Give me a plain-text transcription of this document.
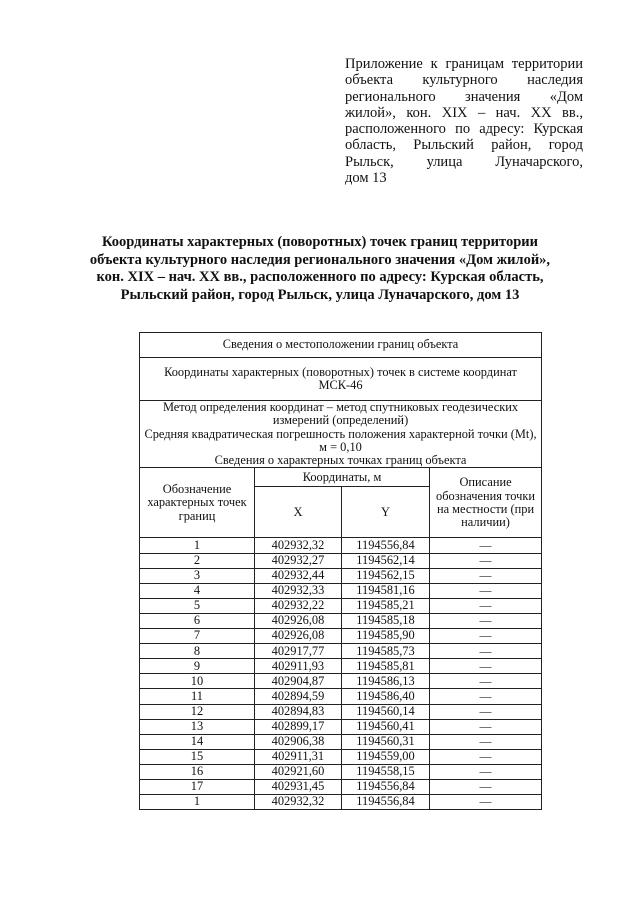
Приложение к границам территории
объекта культурного наследия
регионального значения «Дом
жилой», кон. XIX – нач. XX вв.,
расположенного по адресу: Курская
область, Рыльский район, город
Рыльск, улица Луначарского,
дом 13
Координаты характерных (поворотных) точек границ территории
объекта культурного наследия регионального значения «Дом жилой»,
кон. XIX – нач. XX вв., расположенного по адресу: Курская область,
Рыльский район, город Рыльск, улица Луначарского, дом 13
Сведения о местоположении границ объекта			
Координаты характерных (поворотных) точек в системе координат МСК-46			

Метод определения координат – метод спутниковых геодезических измерений (определений)
Средняя квадратическая погрешность положения характерной точки (Mt), м = 0,10
Сведения о характерных точках границ объекта			

Обозначение характерных точек границ	Координаты, м		Описание обозначения точки на местности (при наличии)
	X	Y	
1	402932,32	1194556,84	—
2	402932,27	1194562,14	—
3	402932,44	1194562,15	—
4	402932,33	1194581,16	—
5	402932,22	1194585,21	—
6	402926,08	1194585,18	—
7	402926,08	1194585,90	—
8	402917,77	1194585,73	—
9	402911,93	1194585,81	—
10	402904,87	1194586,13	—
11	402894,59	1194586,40	—
12	402894,83	1194560,14	—
13	402899,17	1194560,41	—
14	402906,38	1194560,31	—
15	402911,31	1194559,00	—
16	402921,60	1194558,15	—
17	402931,45	1194556,84	—
1	402932,32	1194556,84	—
